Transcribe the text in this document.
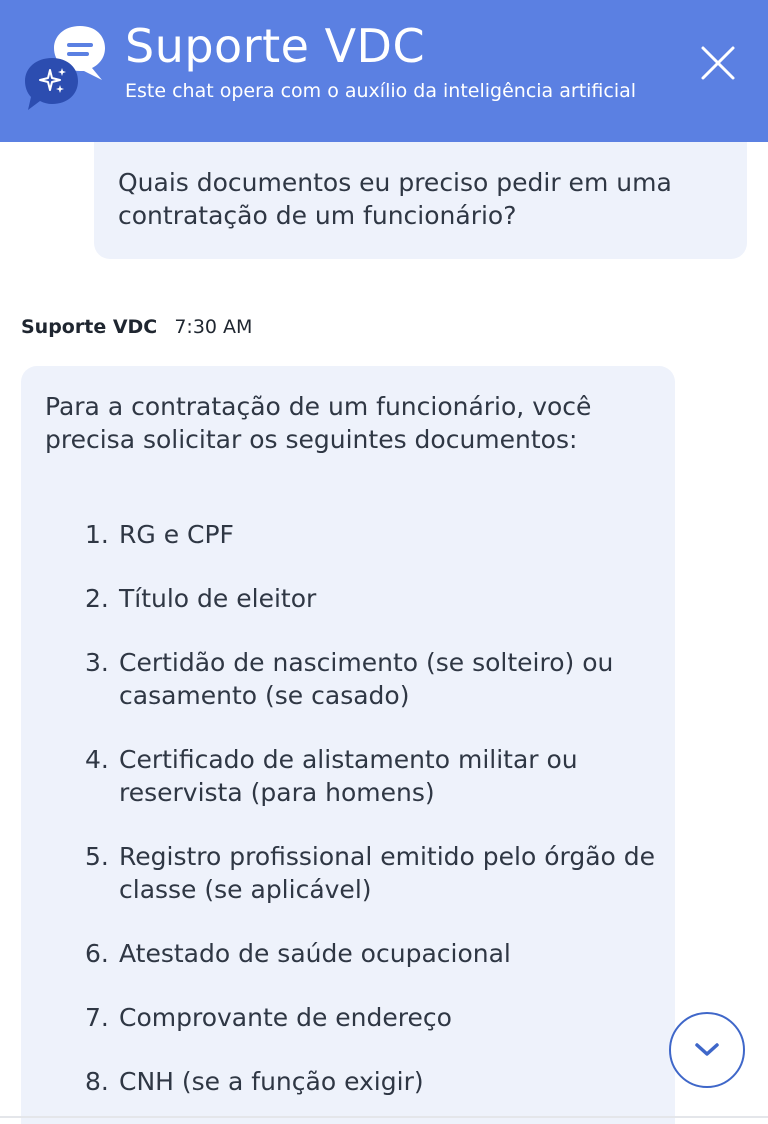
Suporte VDC
Este chat opera com o auxílio da inteligência artificial
Quais documentos eu preciso pedir em uma contratação de um funcionário?
Suporte VDC 7:30 AM
Para a contratação de um funcionário, você precisa solicitar os seguintes documentos:
1. RG e CPF
2. Título de eleitor
3. Certidão de nascimento (se solteiro) ou casamento (se casado)
4. Certificado de alistamento militar ou reservista (para homens)
5. Registro profissional emitido pelo órgão de classe (se aplicável)
6. Atestado de saúde ocupacional
7. Comprovante de endereço
8. CNH (se a função exigir)
